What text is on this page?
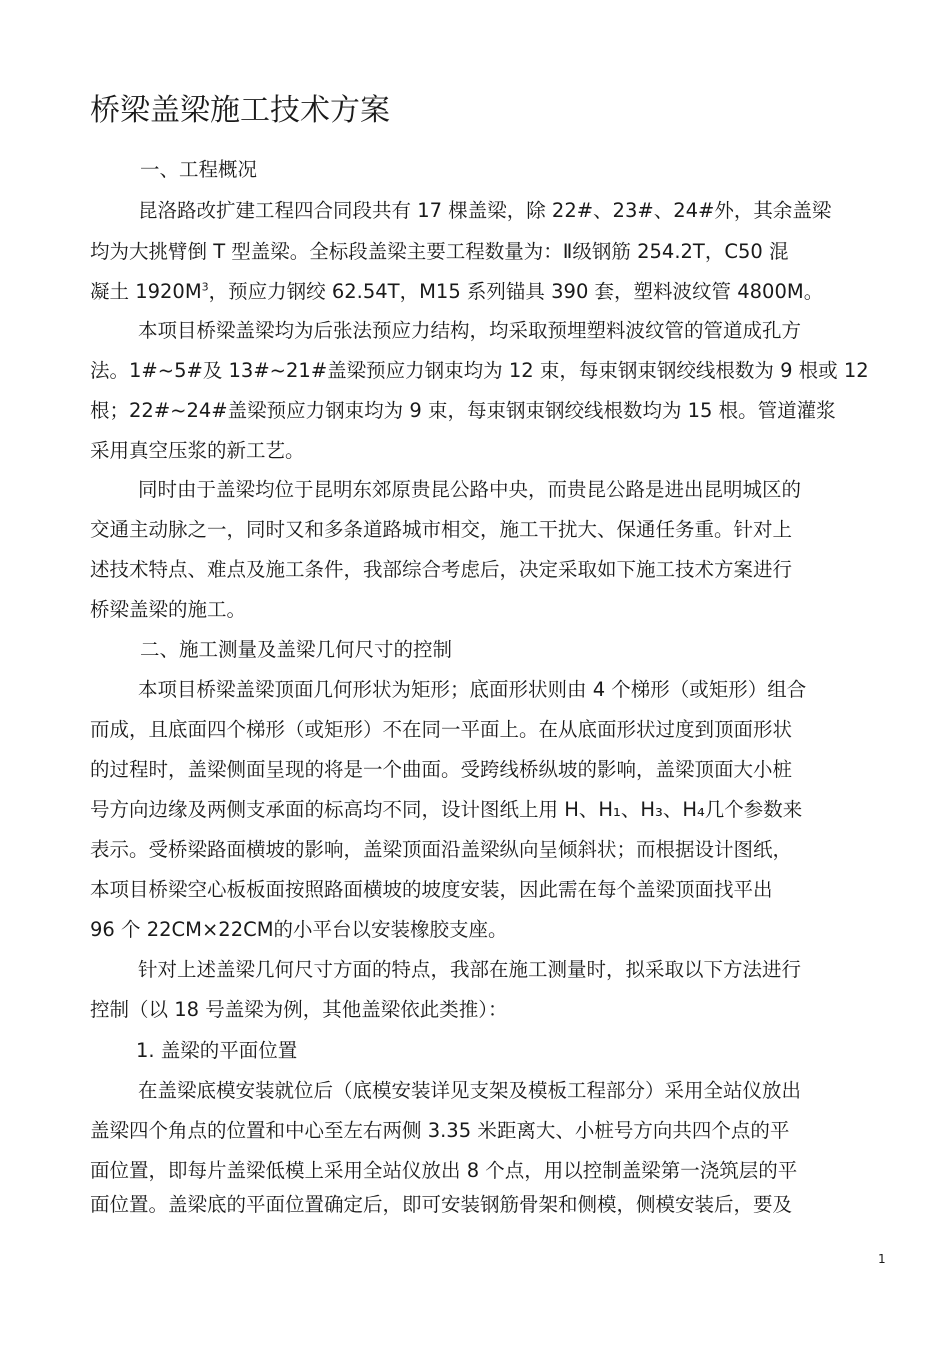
桥梁盖梁施工技术方案
一、工程概况
昆洛路改扩建工程四合同段共有 17 棵盖梁，除 22#、23#、24#外，其余盖梁
均为大挑臂倒 T 型盖梁。全标段盖梁主要工程数量为：Ⅱ级钢筋 254.2T，C50 混
凝土 $1920M^3$，预应力钢绞 62.54T，M15 系列锚具 390 套，塑料波纹管 4800M。
本项目桥梁盖梁均为后张法预应力结构，均采取预埋塑料波纹管的管道成孔方
法。1#~5#及 13#~21#盖梁预应力钢束均为 12 束，每束钢束钢绞线根数为 9 根或 12
根；22#~24#盖梁预应力钢束均为 9 束，每束钢束钢绞线根数均为 15 根。管道灌浆
采用真空压浆的新工艺。
同时由于盖梁均位于昆明东郊原贵昆公路中央，而贵昆公路是进出昆明城区的
交通主动脉之一，同时又和多条道路城市相交，施工干扰大、保通任务重。针对上
述技术特点、难点及施工条件，我部综合考虑后，决定采取如下施工技术方案进行
桥梁盖梁的施工。
二、施工测量及盖梁几何尺寸的控制
本项目桥梁盖梁顶面几何形状为矩形；底面形状则由 4 个梯形（或矩形）组合
而成，且底面四个梯形（或矩形）不在同一平面上。在从底面形状过度到顶面形状
的过程时，盖梁侧面呈现的将是一个曲面。受跨线桥纵坡的影响，盖梁顶面大小桩
号方向边缘及两侧支承面的标高均不同，设计图纸上用 H、H₁、H₃、H₄几个参数来
表示。受桥梁路面横坡的影响，盖梁顶面沿盖梁纵向呈倾斜状；而根据设计图纸，
本项目桥梁空心板板面按照路面横坡的坡度安装，因此需在每个盖梁顶面找平出
96 个 22CM×22CM的小平台以安装橡胶支座。
针对上述盖梁几何尺寸方面的特点，我部在施工测量时，拟采取以下方法进行
控制（以 18 号盖梁为例，其他盖梁依此类推）：
1. 盖梁的平面位置
在盖梁底模安装就位后（底模安装详见支架及模板工程部分）采用全站仪放出
盖梁四个角点的位置和中心至左右两侧 3.35 米距离大、小桩号方向共四个点的平
面位置，即每片盖梁低模上采用全站仪放出 8 个点，用以控制盖梁第一浇筑层的平
面位置。盖梁底的平面位置确定后，即可安装钢筋骨架和侧模，侧模安装后，要及
1
